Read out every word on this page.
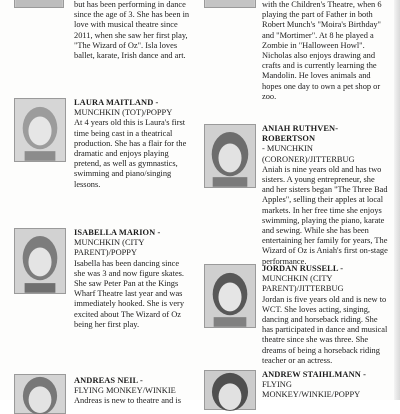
but has been performing in dance since the age of 3. She has been in love with musical theatre since 2011, when she saw her first play, "The Wizard of Oz". Isla loves ballet, karate, Irish dance and art.
with the Children's Theatre, when 6 playing the part of Father in both Robert Munch's "Moira's Birthday" and "Mortimer". At 8 he played a Zombie in "Halloween Howl". Nicholas also enjoys drawing and crafts and is currently learning the Mandolin. He loves animals and hopes one day to own a pet shop or zoo.
LAURA MAITLAND -
MUNCHKIN (TOT)/POPPY
At 4 years old this is Laura's first time being cast in a theatrical production. She has a flair for the dramatic and enjoys playing pretend, as well as gymnastics, swimming and piano/singing lessons.
ANIAH RUTHVEN-ROBERTSON
- MUNCHKIN (CORONER)/JITTERBUG
Aniah is nine years old and has two sisters. A young entrepreneur, she and her sisters began "The Three Bad Apples", selling their apples at local markets. In her free time she enjoys swimming, playing the piano, karate and sewing. While she has been entertaining her family for years, The Wizard of Oz is Aniah's first on-stage performance.
ISABELLA MARION -
MUNCHKIN (CITY PARENT)/POPPY
Isabella has been dancing since she was 3 and now figure skates. She saw Peter Pan at the Kings Wharf Theatre last year and was immediately hooked. She is very excited about The Wizard of Oz being her first play.
JORDAN RUSSELL -
MUNCHKIN (CITY PARENT)/JITTERBUG
Jordan is five years old and is new to WCT. She loves acting, singing, dancing and horseback riding. She has participated in dance and musical theatre since she was three. She dreams of being a horseback riding teacher or an actress.
ANDREAS NEIL -
FLYING MONKEY/WINKIE
Andreas is new to theatre and is
ANDREW STAIHLMANN -
FLYING MONKEY/WINKIE/POPPY
